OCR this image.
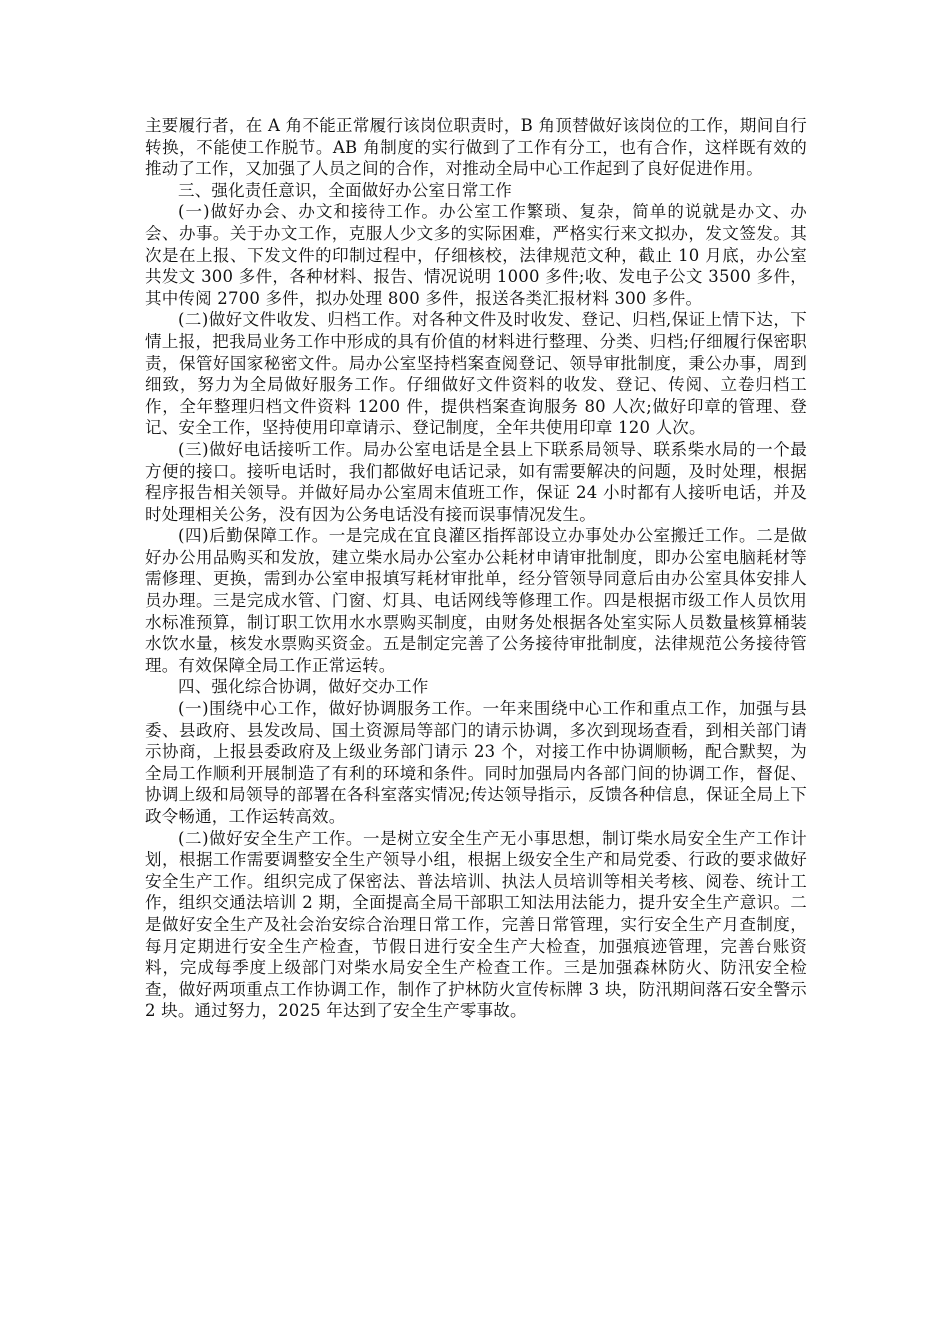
主要履行者，在 A 角不能正常履行该岗位职责时，B 角顶替做好该岗位的工作，期间自行转换，不能使工作脱节。AB 角制度的实行做到了工作有分工，也有合作，这样既有效的推动了工作，又加强了人员之间的合作，对推动全局中心工作起到了良好促进作用。

三、强化责任意识，全面做好办公室日常工作

(一)做好办会、办文和接待工作。办公室工作繁琐、复杂，简单的说就是办文、办会、办事。关于办文工作，克服人少文多的实际困难，严格实行来文拟办，发文签发。其次是在上报、下发文件的印制过程中，仔细核校，法律规范文种，截止 10 月底，办公室共发文 300 多件，各种材料、报告、情况说明 1000 多件;收、发电子公文 3500 多件，其中传阅 2700 多件，拟办处理 800 多件，报送各类汇报材料 300 多件。

(二)做好文件收发、归档工作。对各种文件及时收发、登记、归档,保证上情下达，下情上报，把我局业务工作中形成的具有价值的材料进行整理、分类、归档;仔细履行保密职责，保管好国家秘密文件。局办公室坚持档案查阅登记、领导审批制度，秉公办事，周到细致，努力为全局做好服务工作。仔细做好文件资料的收发、登记、传阅、立卷归档工作，全年整理归档文件资料 1200 件，提供档案查询服务 80 人次;做好印章的管理、登记、安全工作，坚持使用印章请示、登记制度，全年共使用印章 120 人次。

(三)做好电话接听工作。局办公室电话是全县上下联系局领导、联系柴水局的一个最方便的接口。接听电话时，我们都做好电话记录，如有需要解决的问题，及时处理，根据程序报告相关领导。并做好局办公室周末值班工作，保证 24 小时都有人接听电话，并及时处理相关公务，没有因为公务电话没有接而误事情况发生。

(四)后勤保障工作。一是完成在宜良灌区指挥部设立办事处办公室搬迁工作。二是做好办公用品购买和发放，建立柴水局办公室办公耗材申请审批制度，即办公室电脑耗材等需修理、更换，需到办公室申报填写耗材审批单，经分管领导同意后由办公室具体安排人员办理。三是完成水管、门窗、灯具、电话网线等修理工作。四是根据市级工作人员饮用水标准预算，制订职工饮用水水票购买制度，由财务处根据各处室实际人员数量核算桶装水饮水量，核发水票购买资金。五是制定完善了公务接待审批制度，法律规范公务接待管理。有效保障全局工作正常运转。

四、强化综合协调，做好交办工作

(一)围绕中心工作，做好协调服务工作。一年来围绕中心工作和重点工作，加强与县委、县政府、县发改局、国土资源局等部门的请示协调，多次到现场查看，到相关部门请示协商，上报县委政府及上级业务部门请示 23 个，对接工作中协调顺畅，配合默契，为全局工作顺利开展制造了有利的环境和条件。同时加强局内各部门间的协调工作，督促、协调上级和局领导的部署在各科室落实情况;传达领导指示，反馈各种信息，保证全局上下政令畅通，工作运转高效。

(二)做好安全生产工作。一是树立安全生产无小事思想，制订柴水局安全生产工作计划，根据工作需要调整安全生产领导小组，根据上级安全生产和局党委、行政的要求做好安全生产工作。组织完成了保密法、普法培训、执法人员培训等相关考核、阅卷、统计工作，组织交通法培训 2 期，全面提高全局干部职工知法用法能力，提升安全生产意识。二是做好安全生产及社会治安综合治理日常工作，完善日常管理，实行安全生产月查制度，每月定期进行安全生产检查，节假日进行安全生产大检查，加强痕迹管理，完善台账资料，完成每季度上级部门对柴水局安全生产检查工作。三是加强森林防火、防汛安全检查，做好两项重点工作协调工作，制作了护林防火宣传标牌 3 块，防汛期间落石安全警示 2 块。通过努力，2025 年达到了安全生产零事故。
